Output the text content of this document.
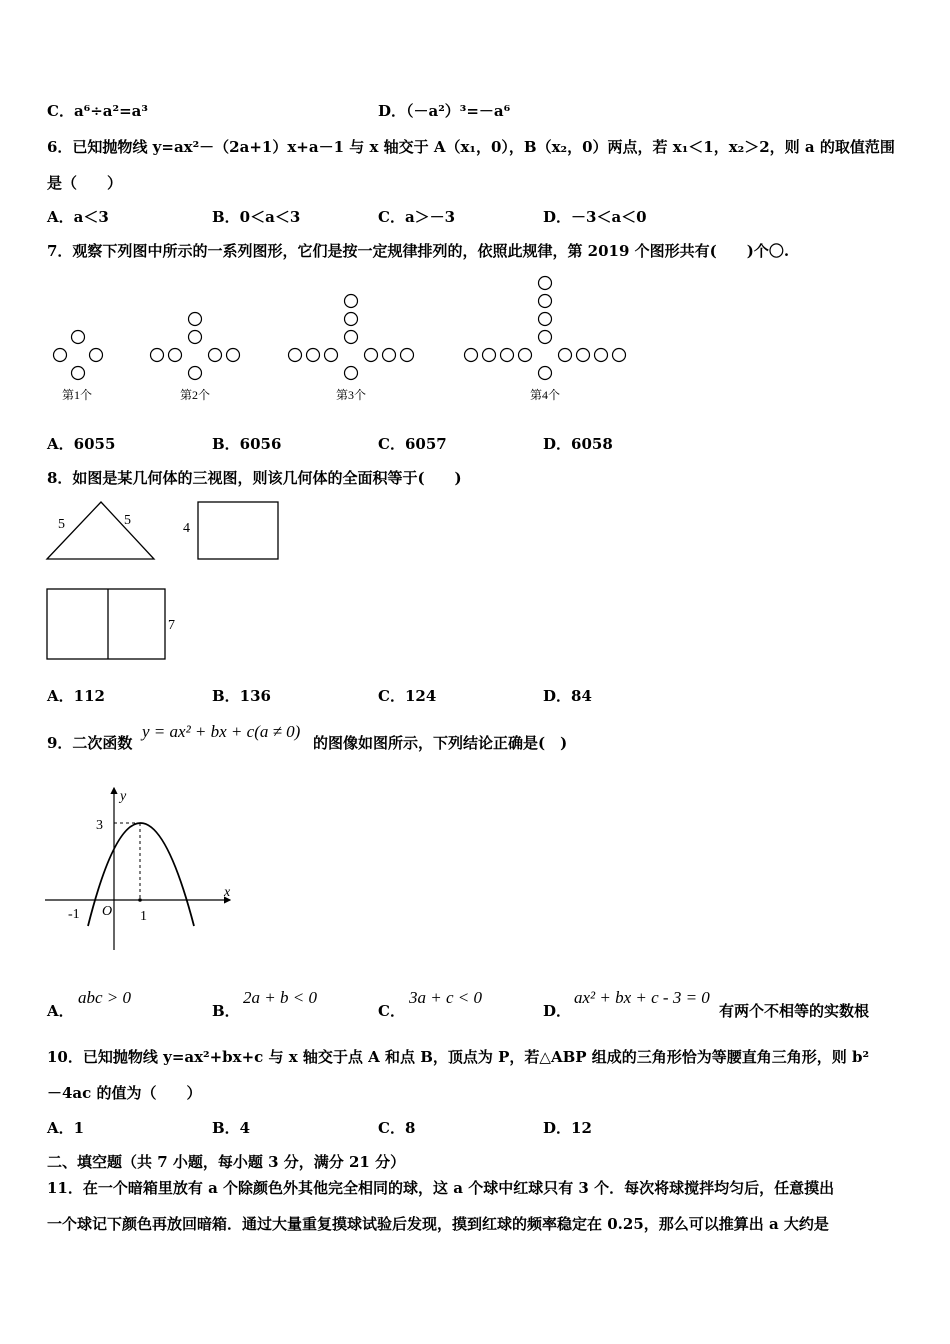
C．a⁶÷a²=a³	D．（－a²）³=－a⁶
6．已知抛物线 y=ax²－（2a+1）x+a－1 与 x 轴交于 A（x₁，0），B（x₂，0）两点，若 x₁＜1，x₂＞2，则 a 的取值范围
是（　　）
A．a＜3	B．0＜a＜3	C．a＞－3	D．－3＜a＜0
7．观察下列图中所示的一系列图形，它们是按一定规律排列的，依照此规律，第 2019 个图形共有(　　)个〇.
第1个	第2个	第3个	第4个
A．6055	B．6056	C．6057	D．6058
8．如图是某几何体的三视图，则该几何体的全面积等于(　　)
5	5
4
7
A．112	B．136	C．124	D．84
9．二次函数
y = ax² + bx + c(a ≠ 0)
的图像如图所示，下列结论正确是(　)
y
x
3
-1 O 1
A．
abc > 0
B．
2a + b < 0
C．
3a + c < 0
D．
ax² + bx + c - 3 = 0
有两个不相等的实数根
10．已知抛物线 y=ax²+bx+c 与 x 轴交于点 A 和点 B，顶点为 P，若△ABP 组成的三角形恰为等腰直角三角形，则 b²
－4ac 的值为（　　）
A．1	B．4	C．8	D．12
二、填空题（共 7 小题，每小题 3 分，满分 21 分）
11．在一个暗箱里放有 a 个除颜色外其他完全相同的球，这 a 个球中红球只有 3 个．每次将球搅拌均匀后，任意摸出
一个球记下颜色再放回暗箱．通过大量重复摸球试验后发现，摸到红球的频率稳定在 0.25，那么可以推算出 a 大约是
